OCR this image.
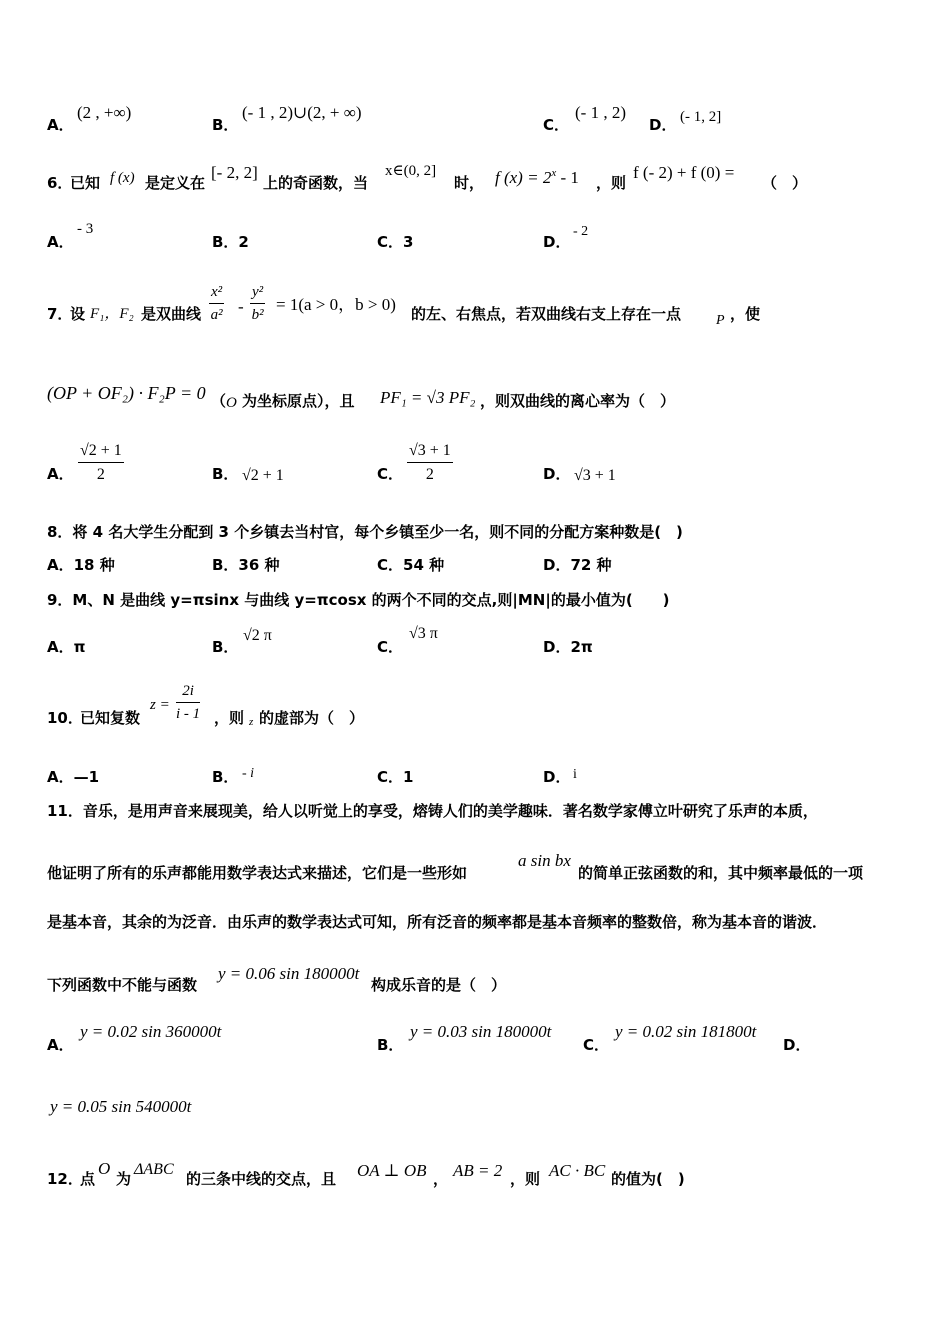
A．
(2 , +∞)
B．
(- 1 , 2)∪(2, + ∞)
C．
(- 1 , 2)
D． (- 1, 2]
6．
已知 f (x) 是定义在
[- 2, 2]
上的奇函数，当
x∈(0, 2]
时， f $(x) = 2^x - 1$ ，则
f (- 2) + f (0) =
（　）
A．
- 3
B．2	C．3	D．
- 2
7．
设 F₁，F₂ 是双曲线 $\frac{\text{x²}}{\text{a²}} - \frac{\text{y²}}{\text{b²}} = 1(a > 0$，b > 0) 的左、右焦点，若双曲线右支上存在一点 P ，使
(OP + OF₂) · F₂P = 0 （ O 为坐标原点），且 PF₁ = √3 PF₂ ，则双曲线的离心率为（　）
A． $\frac{√2 + 1}{2}$	B． √2 + 1	C． $\frac{√3 + 1}{2}$	D． √3 + 1
8．将 4 名大学生分配到 3 个乡镇去当村官，每个乡镇至少一名，则不同的分配方案种数是(　)
A．18 种	B．36 种	C．54 种	D．72 种
9．M、N 是曲线 y=πsinx 与曲线 y=πcosx 的两个不同的交点,则|MN|的最小值为(　　)
A．π	B．
√2 π
C．
√3 π
D．2π
10．
已知复数
$z = \frac{2i}{i - 1}$ ，则 z 的虚部为（　）
A．—1	B． - i	C．1	D． i
11．音乐，是用声音来展现美，给人以听觉上的享受，熔铸人们的美学趣味．著名数学家傅立叶研究了乐声的本质，
他证明了所有的乐声都能用数学表达式来描述，它们是一些形如
a sin bx
的简单正弦函数的和，其中频率最低的一项
是基本音，其余的为泛音．由乐声的数学表达式可知，所有泛音的频率都是基本音频率的整数倍，称为基本音的谐波．
下列函数中不能与函数
y = 0.06 sin 180000t
构成乐音的是（　）
A．
y = 0.02 sin 360000t
B．
y = 0.03 sin 180000t
C．
y = 0.02 sin 181800t
D．
y = 0.05 sin 540000t
12．
点
O
为
ΔABC
的三条中线的交点，且 OA ⊥ OB ， AB = 2 ，则 AC · BC 的值为(　)
